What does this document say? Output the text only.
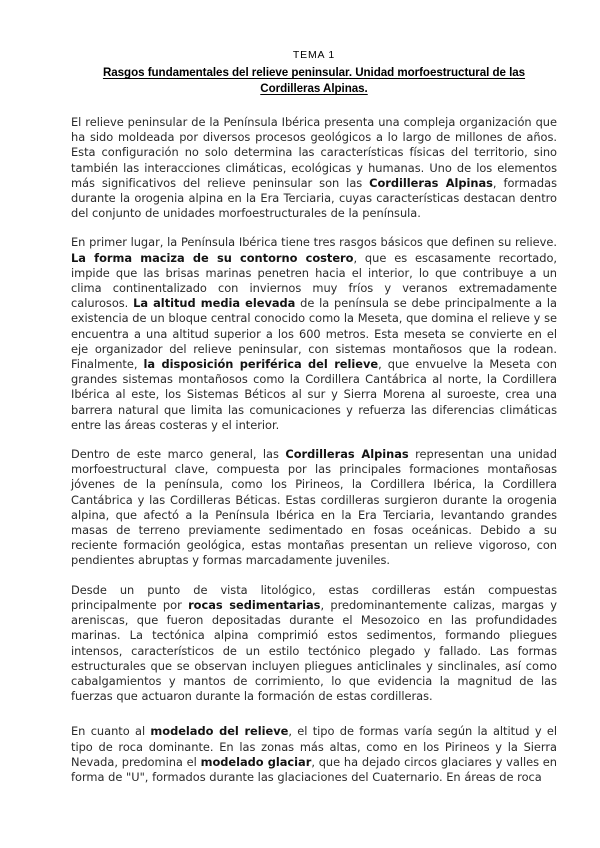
TEMA 1
Rasgos fundamentales del relieve peninsular. Unidad morfoestructural de las Cordilleras Alpinas.

El relieve peninsular de la Península Ibérica presenta una compleja organización que ha sido moldeada por diversos procesos geológicos a lo largo de millones de años. Esta configuración no solo determina las características físicas del territorio, sino también las interacciones climáticas, ecológicas y humanas. Uno de los elementos más significativos del relieve peninsular son las Cordilleras Alpinas, formadas durante la orogenia alpina en la Era Terciaria, cuyas características destacan dentro del conjunto de unidades morfoestructurales de la península.

En primer lugar, la Península Ibérica tiene tres rasgos básicos que definen su relieve. La forma maciza de su contorno costero, que es escasamente recortado, impide que las brisas marinas penetren hacia el interior, lo que contribuye a un clima continentalizado con inviernos muy fríos y veranos extremadamente calurosos. La altitud media elevada de la península se debe principalmente a la existencia de un bloque central conocido como la Meseta, que domina el relieve y se encuentra a una altitud superior a los 600 metros. Esta meseta se convierte en el eje organizador del relieve peninsular, con sistemas montañosos que la rodean. Finalmente, la disposición periférica del relieve, que envuelve la Meseta con grandes sistemas montañosos como la Cordillera Cantábrica al norte, la Cordillera Ibérica al este, los Sistemas Béticos al sur y Sierra Morena al suroeste, crea una barrera natural que limita las comunicaciones y refuerza las diferencias climáticas entre las áreas costeras y el interior.

Dentro de este marco general, las Cordilleras Alpinas representan una unidad morfoestructural clave, compuesta por las principales formaciones montañosas jóvenes de la península, como los Pirineos, la Cordillera Ibérica, la Cordillera Cantábrica y las Cordilleras Béticas. Estas cordilleras surgieron durante la orogenia alpina, que afectó a la Península Ibérica en la Era Terciaria, levantando grandes masas de terreno previamente sedimentado en fosas oceánicas. Debido a su reciente formación geológica, estas montañas presentan un relieve vigoroso, con pendientes abruptas y formas marcadamente juveniles.

Desde un punto de vista litológico, estas cordilleras están compuestas principalmente por rocas sedimentarias, predominantemente calizas, margas y areniscas, que fueron depositadas durante el Mesozoico en las profundidades marinas. La tectónica alpina comprimió estos sedimentos, formando pliegues intensos, característicos de un estilo tectónico plegado y fallado. Las formas estructurales que se observan incluyen pliegues anticlinales y sinclinales, así como cabalgamientos y mantos de corrimiento, lo que evidencia la magnitud de las fuerzas que actuaron durante la formación de estas cordilleras.

En cuanto al modelado del relieve, el tipo de formas varía según la altitud y el tipo de roca dominante. En las zonas más altas, como en los Pirineos y la Sierra Nevada, predomina el modelado glaciar, que ha dejado circos glaciares y valles en forma de "U", formados durante las glaciaciones del Cuaternario. En áreas de roca
